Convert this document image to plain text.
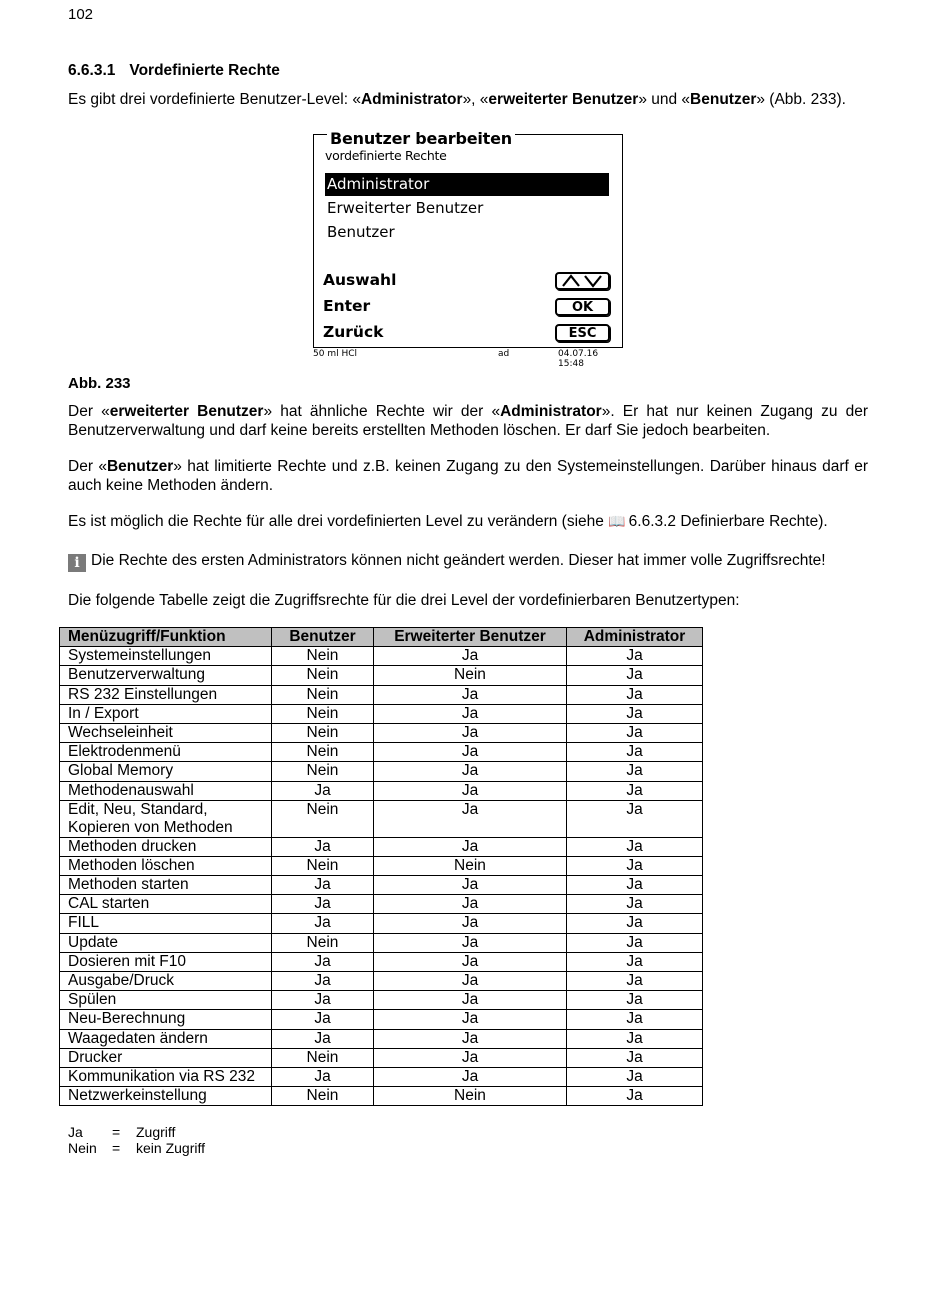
102
6.6.3.1 Vordefinierte Rechte
Es gibt drei vordefinierte Benutzer-Level: «Administrator», «erweiterter Benutzer» und «Benutzer» (Abb. 233).
Benutzer bearbeiten
vordefinierte Rechte
Administrator
Erweiterter Benutzer
Benutzer
Auswahl
Enter	OK
Zurück	ESC
50 ml HCl	ad	04.07.16 15:48
Abb. 233
Der «erweiterter Benutzer» hat ähnliche Rechte wir der «Administrator». Er hat nur keinen Zugang zu der Benutzerverwaltung und darf keine bereits erstellten Methoden löschen. Er darf Sie jedoch bearbeiten.
Der «Benutzer» hat limitierte Rechte und z.B. keinen Zugang zu den Systemeinstellungen. Darüber hinaus darf er auch keine Methoden ändern.
Es ist möglich die Rechte für alle drei vordefinierten Level zu verändern (siehe 📖 6.6.3.2 Definierbare Rechte).
i Die Rechte des ersten Administrators können nicht geändert werden. Dieser hat immer volle Zugriffsrechte!
Die folgende Tabelle zeigt die Zugriffsrechte für die drei Level der vordefinierbaren Benutzertypen:
Menüzugriff/Funktion	Benutzer	Erweiterter Benutzer	Administrator
Systemeinstellungen	Nein	Ja	Ja
Benutzerverwaltung	Nein	Nein	Ja
RS 232 Einstellungen	Nein	Ja	Ja
In / Export	Nein	Ja	Ja
Wechseleinheit	Nein	Ja	Ja
Elektrodenmenü	Nein	Ja	Ja
Global Memory	Nein	Ja	Ja
Methodenauswahl	Ja	Ja	Ja
Edit, Neu, Standard,
Kopieren von Methoden	Nein	Ja	Ja
Methoden drucken	Ja	Ja	Ja
Methoden löschen	Nein	Nein	Ja
Methoden starten	Ja	Ja	Ja
CAL starten	Ja	Ja	Ja
FILL	Ja	Ja	Ja
Update	Nein	Ja	Ja
Dosieren mit F10	Ja	Ja	Ja
Ausgabe/Druck	Ja	Ja	Ja
Spülen	Ja	Ja	Ja
Neu-Berechnung	Ja	Ja	Ja
Waagedaten ändern	Ja	Ja	Ja
Drucker	Nein	Ja	Ja
Kommunikation via RS 232	Ja	Ja	Ja
Netzwerkeinstellung	Nein	Nein	Ja
Ja = Zugriff
Nein = kein Zugriff
